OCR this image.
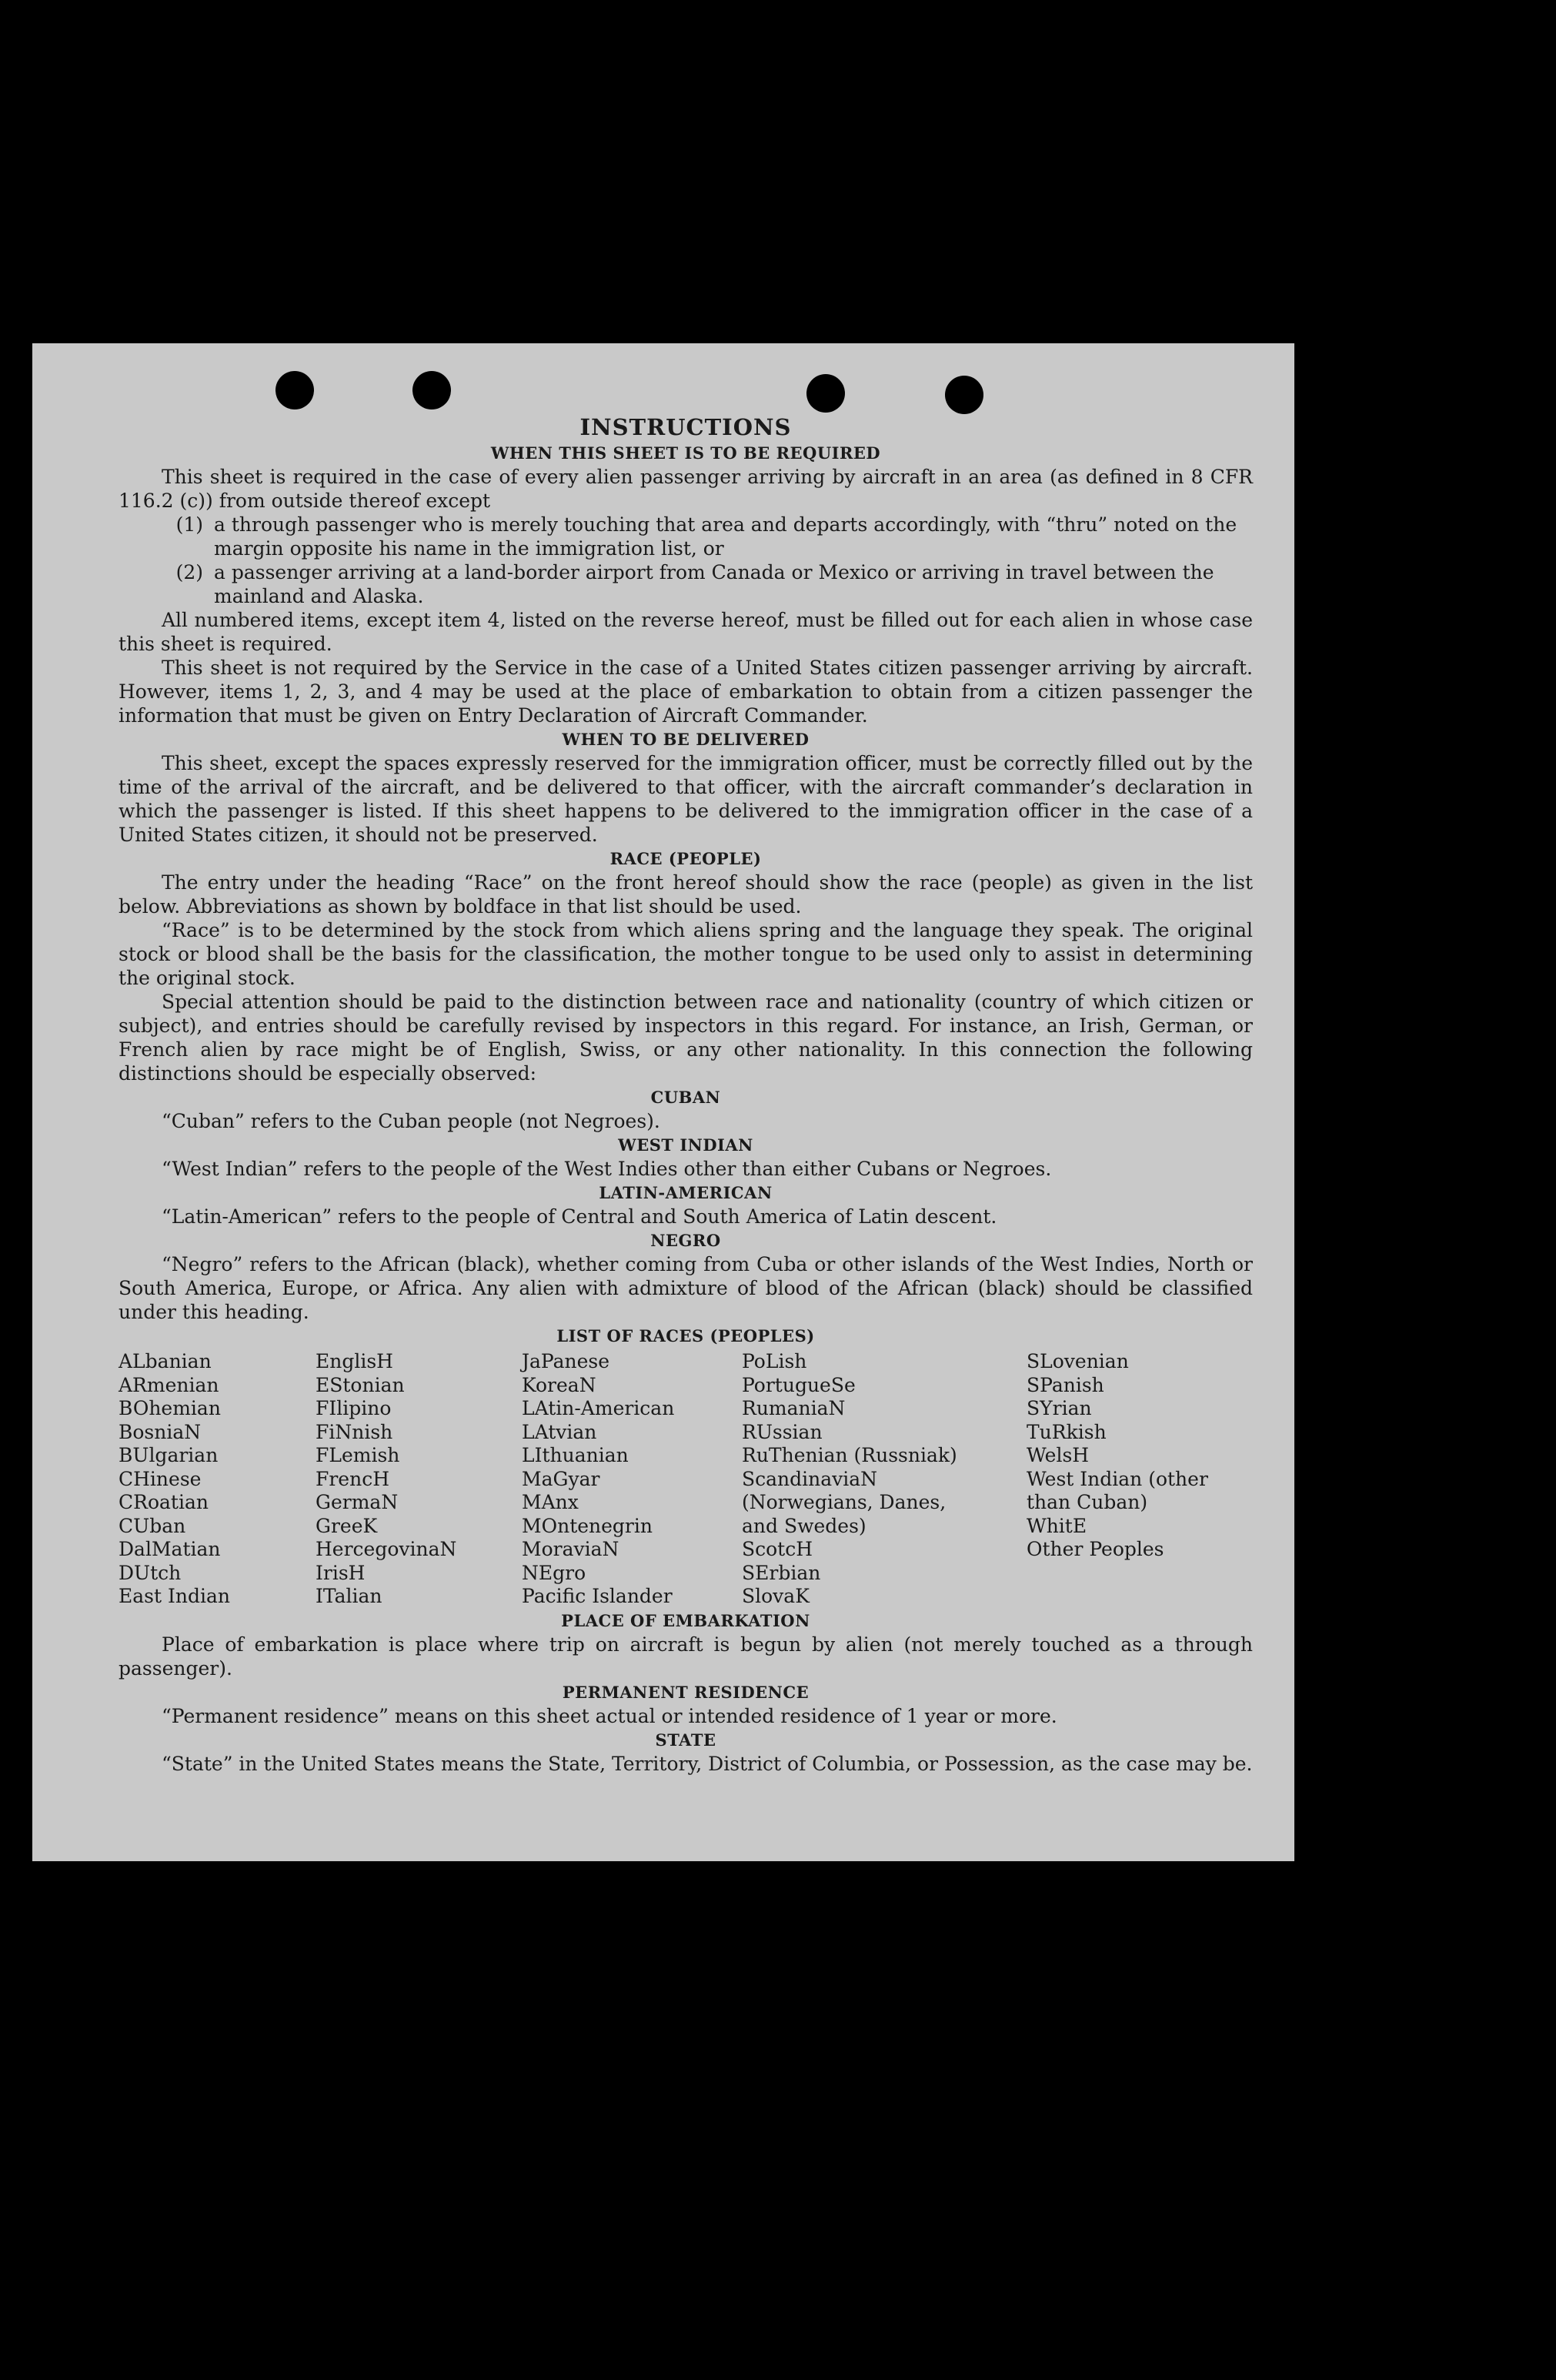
INSTRUCTIONS
WHEN THIS SHEET IS TO BE REQUIRED

This sheet is required in the case of every alien passenger arriving by aircraft in an area (as defined in 8 CFR 116.2 (c)) from outside thereof except

(1) a through passenger who is merely touching that area and departs accordingly, with “thru” noted on the margin opposite his name in the immigration list, or
(2) a passenger arriving at a land-border airport from Canada or Mexico or arriving in travel between the mainland and Alaska.

All numbered items, except item 4, listed on the reverse hereof, must be filled out for each alien in whose case this sheet is required.

This sheet is not required by the Service in the case of a United States citizen passenger arriving by aircraft. However, items 1, 2, 3, and 4 may be used at the place of embarkation to obtain from a citizen passenger the information that must be given on Entry Declaration of Aircraft Commander.

WHEN TO BE DELIVERED

This sheet, except the spaces expressly reserved for the immigration officer, must be correctly filled out by the time of the arrival of the aircraft, and be delivered to that officer, with the aircraft commander’s declaration in which the passenger is listed. If this sheet happens to be delivered to the immigration officer in the case of a United States citizen, it should not be preserved.

RACE (PEOPLE)

The entry under the heading “Race” on the front hereof should show the race (people) as given in the list below. Abbreviations as shown by boldface in that list should be used.

“Race” is to be determined by the stock from which aliens spring and the language they speak. The original stock or blood shall be the basis for the classification, the mother tongue to be used only to assist in determining the original stock.

Special attention should be paid to the distinction between race and nationality (country of which citizen or subject), and entries should be carefully revised by inspectors in this regard. For instance, an Irish, German, or French alien by race might be of English, Swiss, or any other nationality. In this connection the following distinctions should be especially observed:

CUBAN

“Cuban” refers to the Cuban people (not Negroes).

WEST INDIAN

“West Indian” refers to the people of the West Indies other than either Cubans or Negroes.

LATIN-AMERICAN

“Latin-American” refers to the people of Central and South America of Latin descent.

NEGRO

“Negro” refers to the African (black), whether coming from Cuba or other islands of the West Indies, North or South America, Europe, or Africa. Any alien with admixture of blood of the African (black) should be classified under this heading.

LIST OF RACES (PEOPLES)
ALbanian
ARmenian
BOhemian
BosniaN
BUlgarian
CHinese
CRoatian
CUban
DalMatian
DUtch
East Indian
EnglisH
EStonian
FIlipino
FiNnish
FLemish
FrencH
GermaN
GreeK
HercegovinaN
IrisH
ITalian
JaPanese
KoreaN
LAtin-American
LAtvian
LIthuanian
MaGyar
MAnx
MOntenegrin
MoraviaN
NEgro
Pacific Islander
PoLish
PortugueSe
RumaniaN
RUssian
RuThenian (Russniak)
ScandinaviaN (Norwegians, Danes, and Swedes)
ScotcH
SErbian
SlovaK
SLovenian
SPanish
SYrian
TuRkish
WelsH
West Indian (other than Cuban)
WhitE
Other Peoples
PLACE OF EMBARKATION

Place of embarkation is place where trip on aircraft is begun by alien (not merely touched as a through passenger).

PERMANENT RESIDENCE

“Permanent residence” means on this sheet actual or intended residence of 1 year or more.

STATE

“State” in the United States means the State, Territory, District of Columbia, or Possession, as the case may be.
